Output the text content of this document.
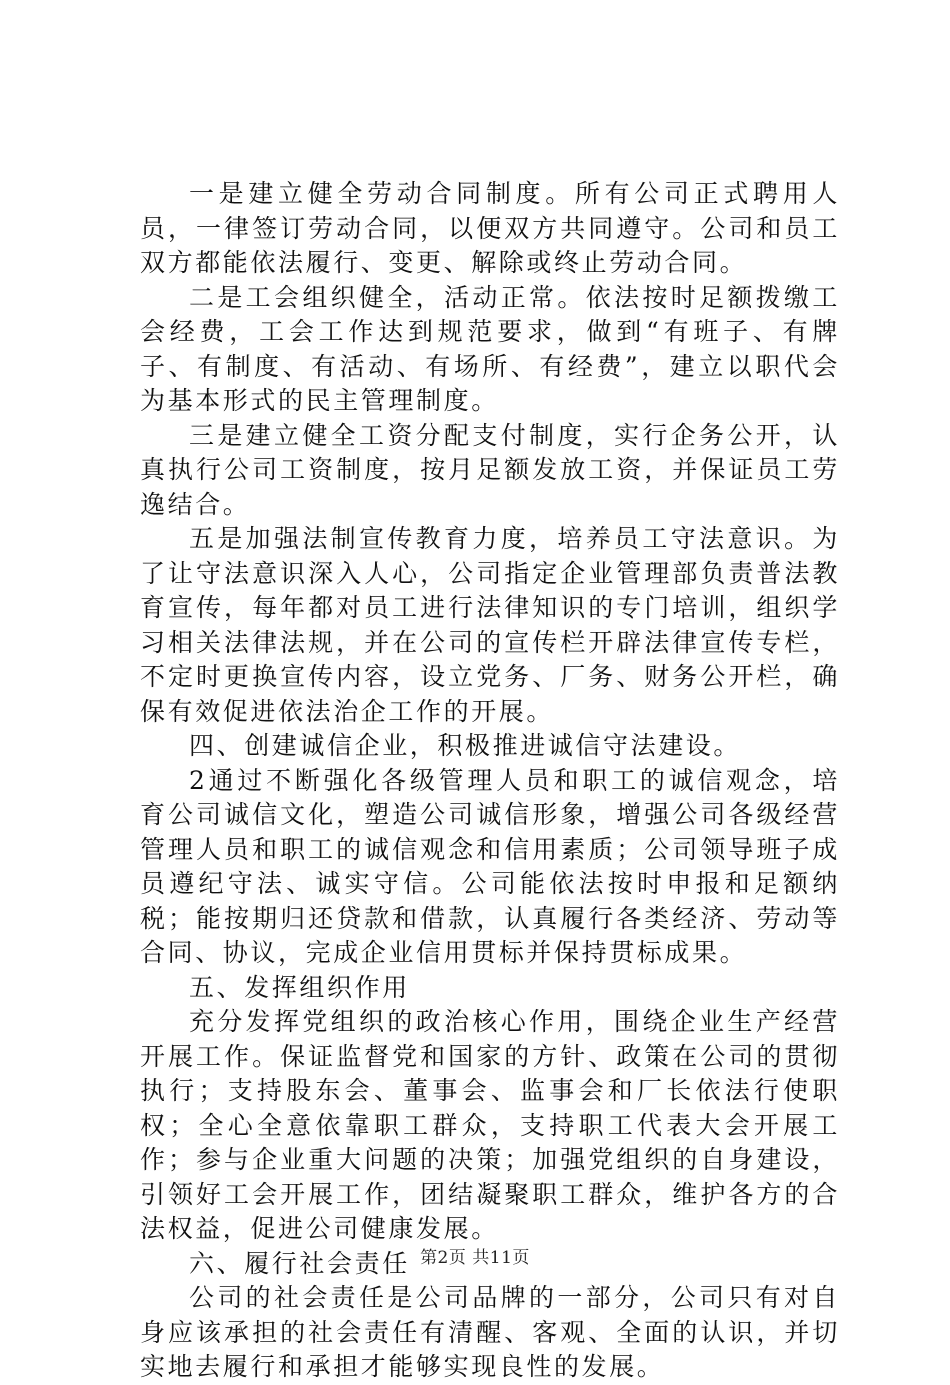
一是建立健全劳动合同制度。所有公司正式聘用人员，一律签订劳动合同，以便双方共同遵守。公司和员工双方都能依法履行、变更、解除或终止劳动合同。

二是工会组织健全，活动正常。依法按时足额拨缴工会经费，工会工作达到规范要求，做到“有班子、有牌子、有制度、有活动、有场所、有经费”，建立以职代会为基本形式的民主管理制度。

三是建立健全工资分配支付制度，实行企务公开，认真执行公司工资制度，按月足额发放工资，并保证员工劳逸结合。

五是加强法制宣传教育力度，培养员工守法意识。为了让守法意识深入人心，公司指定企业管理部负责普法教育宣传，每年都对员工进行法律知识的专门培训，组织学习相关法律法规，并在公司的宣传栏开辟法律宣传专栏，不定时更换宣传内容，设立党务、厂务、财务公开栏，确保有效促进依法治企工作的开展。

四、创建诚信企业，积极推进诚信守法建设。

2通过不断强化各级管理人员和职工的诚信观念，培育公司诚信文化，塑造公司诚信形象，增强公司各级经营管理人员和职工的诚信观念和信用素质；公司领导班子成员遵纪守法、诚实守信。公司能依法按时申报和足额纳税；能按期归还贷款和借款，认真履行各类经济、劳动等合同、协议，完成企业信用贯标并保持贯标成果。

五、发挥组织作用

充分发挥党组织的政治核心作用，围绕企业生产经营开展工作。保证监督党和国家的方针、政策在公司的贯彻执行；支持股东会、董事会、监事会和厂长依法行使职权；全心全意依靠职工群众，支持职工代表大会开展工作；参与企业重大问题的决策；加强党组织的自身建设，引领好工会开展工作，团结凝聚职工群众，维护各方的合法权益，促进公司健康发展。

六、履行社会责任

公司的社会责任是公司品牌的一部分，公司只有对自身应该承担的社会责任有清醒、客观、全面的认识，并切实地去履行和承担才能够实现良性的发展。

第2页 共11页
